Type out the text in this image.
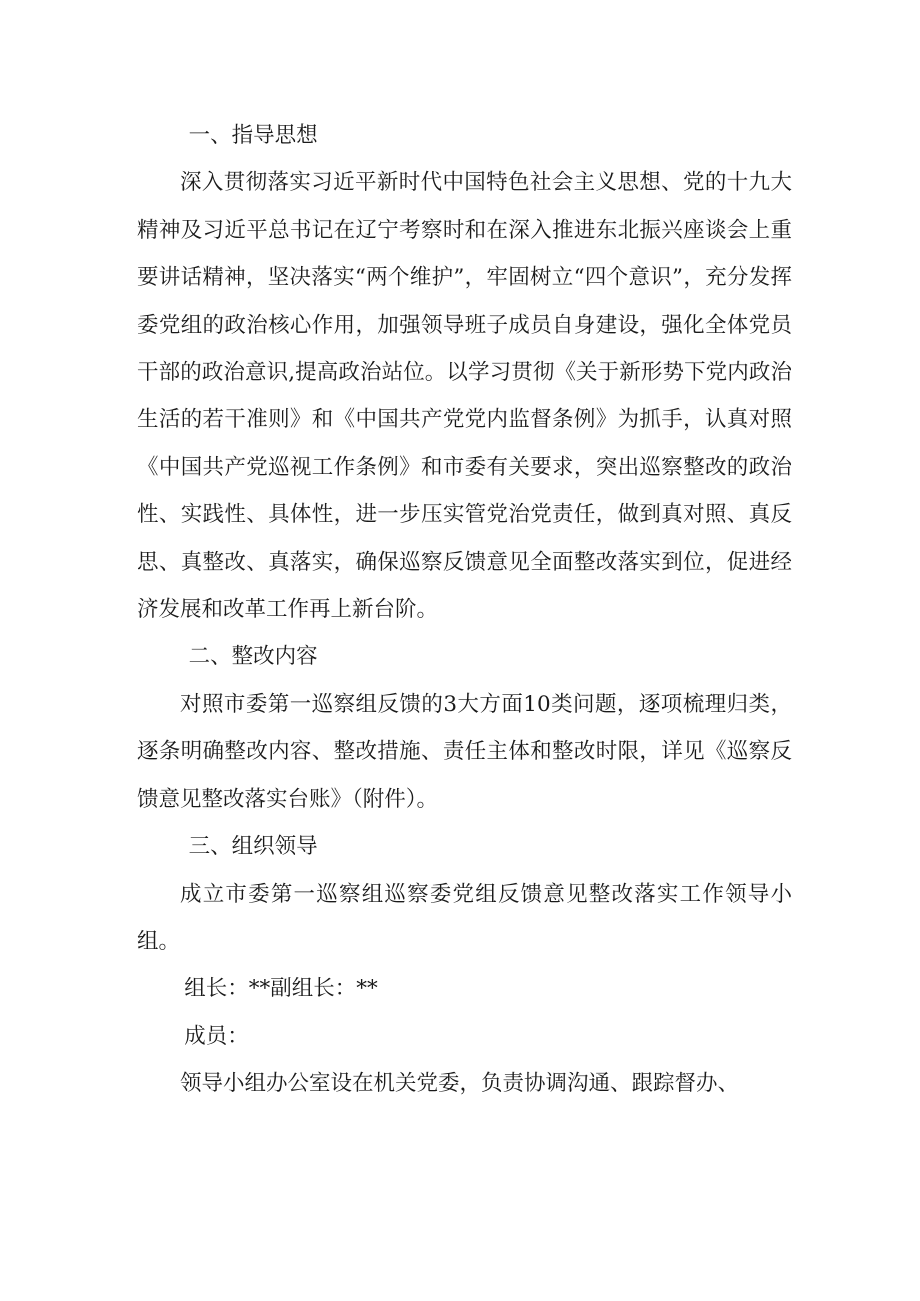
一、指导思想

深入贯彻落实习近平新时代中国特色社会主义思想、党的十九大精神及习近平总书记在辽宁考察时和在深入推进东北振兴座谈会上重要讲话精神，坚决落实“两个维护”，牢固树立“四个意识”，充分发挥委党组的政治核心作用，加强领导班子成员自身建设，强化全体党员干部的政治意识,提高政治站位。以学习贯彻《关于新形势下党内政治生活的若干准则》和《中国共产党党内监督条例》为抓手，认真对照《中国共产党巡视工作条例》和市委有关要求，突出巡察整改的政治性、实践性、具体性，进一步压实管党治党责任，做到真对照、真反思、真整改、真落实，确保巡察反馈意见全面整改落实到位，促进经济发展和改革工作再上新台阶。

二、整改内容

对照市委第一巡察组反馈的3大方面10类问题，逐项梳理归类，逐条明确整改内容、整改措施、责任主体和整改时限，详见《巡察反馈意见整改落实台账》（附件）。

三、组织领导

成立市委第一巡察组巡察委党组反馈意见整改落实工作领导小组。

组长：**副组长：**

成员：

领导小组办公室设在机关党委，负责协调沟通、跟踪督办、
